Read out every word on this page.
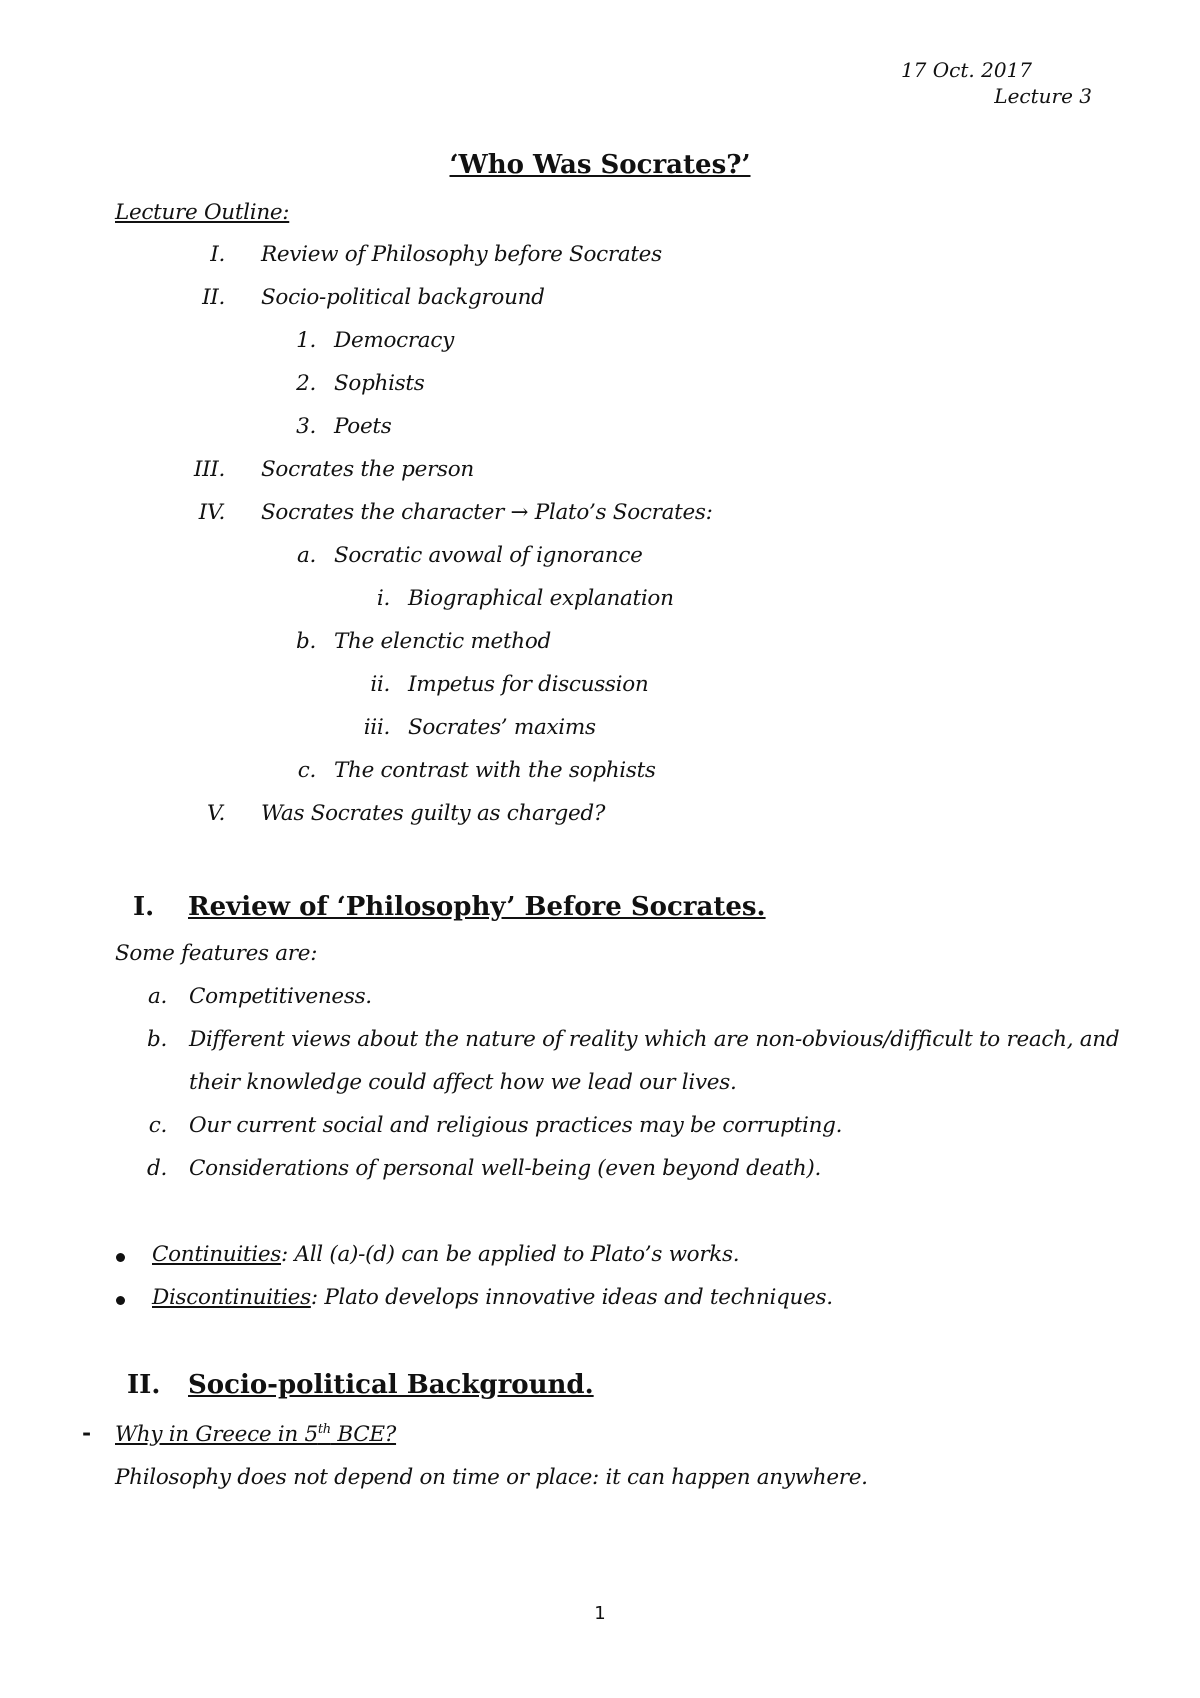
17 Oct. 2017
Lecture 3
‘Who Was Socrates?’
Lecture Outline:
I. Review of Philosophy before Socrates
II. Socio-political background
1. Democracy
2. Sophists
3. Poets
III. Socrates the person
IV. Socrates the character → Plato’s Socrates:
a. Socratic avowal of ignorance
i. Biographical explanation
b. The elenctic method
ii. Impetus for discussion
iii. Socrates’ maxims
c. The contrast with the sophists
V. Was Socrates guilty as charged?
I. Review of ‘Philosophy’ Before Socrates.
Some features are:
a. Competitiveness.
b. Different views about the nature of reality which are non-obvious/difficult to reach, and
their knowledge could affect how we lead our lives.
c. Our current social and religious practices may be corrupting.
d. Considerations of personal well-being (even beyond death).
Continuities: All (a)-(d) can be applied to Plato’s works.
Discontinuities: Plato develops innovative ideas and techniques.
II. Socio-political Background.
- Why in Greece in 5th BCE?
Philosophy does not depend on time or place: it can happen anywhere.
1
